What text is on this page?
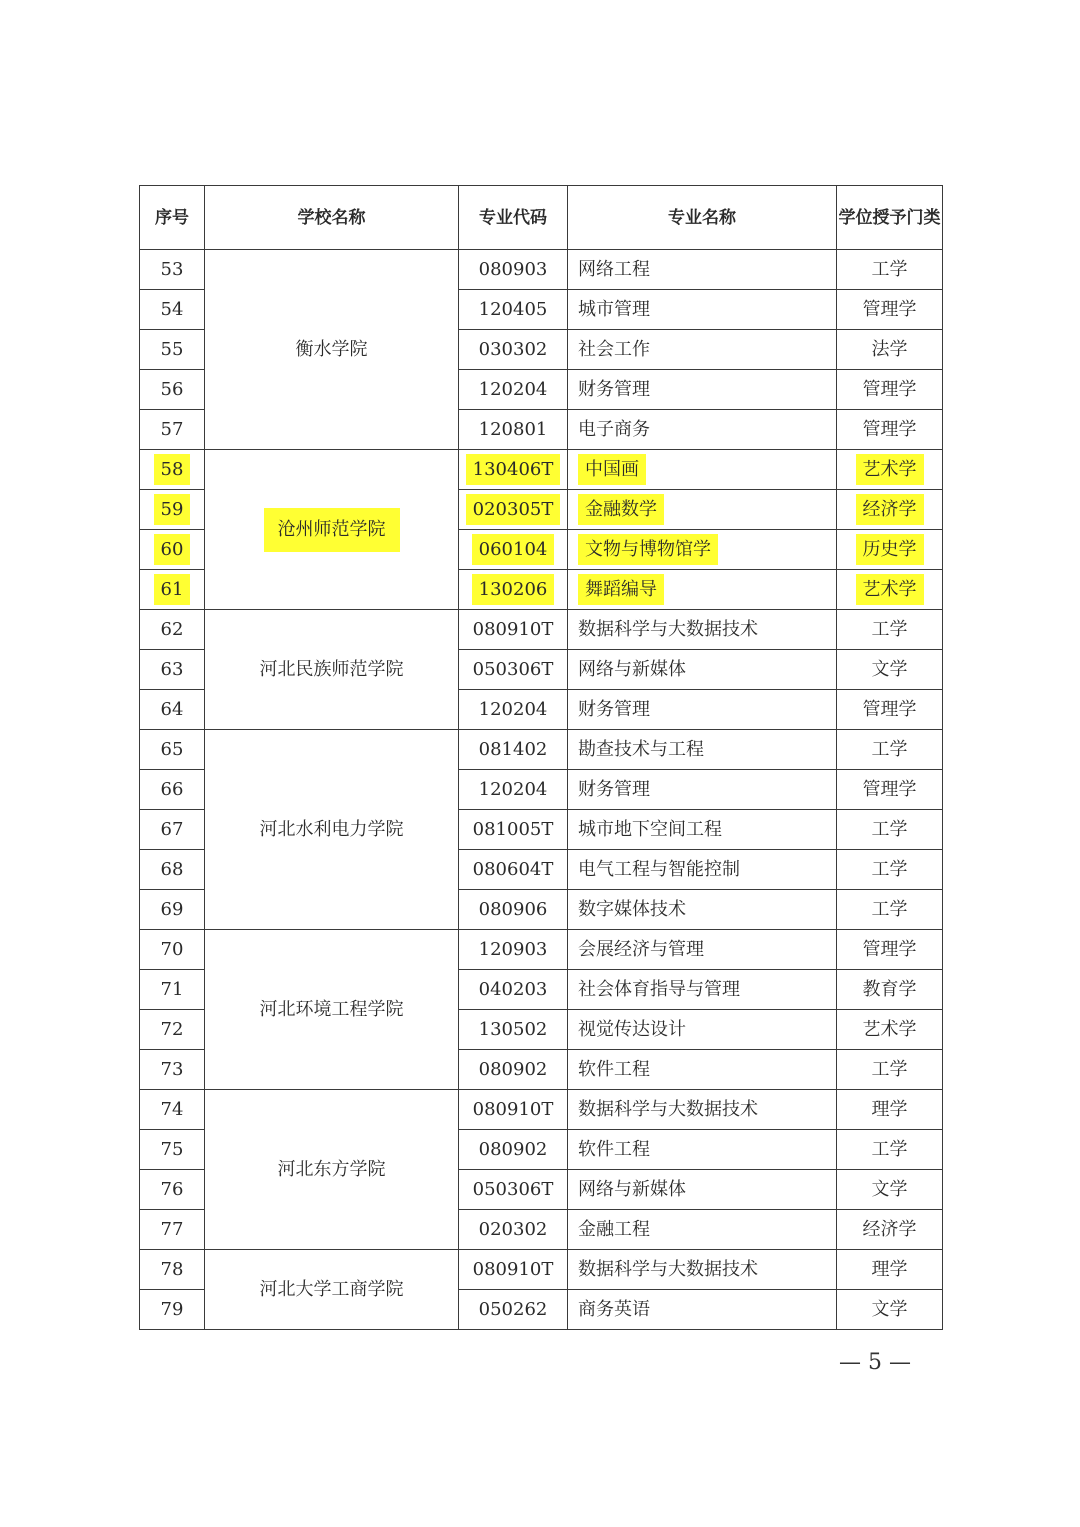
序号	学校名称	专业代码	专业名称	学位授予门类
53	衡水学院	080903	网络工程	工学
54		120405	城市管理	管理学
55		030302	社会工作	法学
56		120204	财务管理	管理学
57		120801	电子商务	管理学
58	沧州师范学院	130406T	中国画	艺术学
59		020305T	金融数学	经济学
60		060104	文物与博物馆学	历史学
61		130206	舞蹈编导	艺术学
62	河北民族师范学院	080910T	数据科学与大数据技术	工学
63		050306T	网络与新媒体	文学
64		120204	财务管理	管理学
65	河北水利电力学院	081402	勘查技术与工程	工学
66		120204	财务管理	管理学
67		081005T	城市地下空间工程	工学
68		080604T	电气工程与智能控制	工学
69		080906	数字媒体技术	工学
70	河北环境工程学院	120903	会展经济与管理	管理学
71		040203	社会体育指导与管理	教育学
72		130502	视觉传达设计	艺术学
73		080902	软件工程	工学
74	河北东方学院	080910T	数据科学与大数据技术	理学
75		080902	软件工程	工学
76		050306T	网络与新媒体	文学
77		020302	金融工程	经济学
78	河北大学工商学院	080910T	数据科学与大数据技术	理学
79		050262	商务英语	文学
— 5 —
